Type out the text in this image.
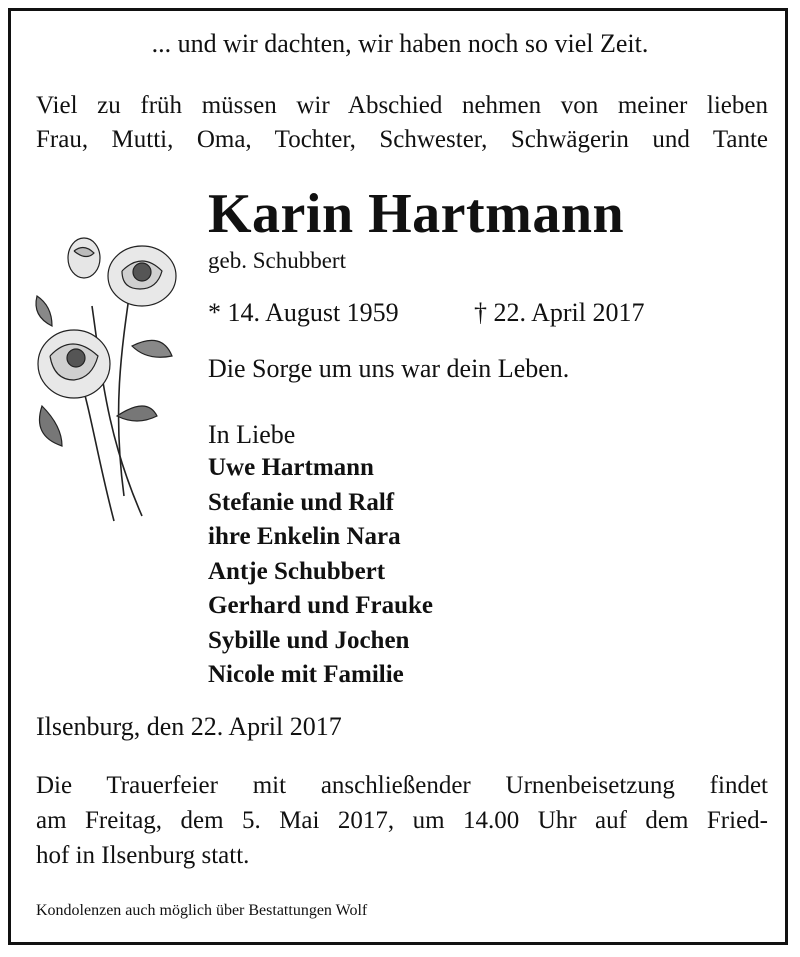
... und wir dachten, wir haben noch so viel Zeit.
Viel zu früh müssen wir Abschied nehmen von meiner lieben
Frau, Mutti, Oma, Tochter, Schwester, Schwägerin und Tante
Karin Hartmann
geb. Schubbert
* 14. August 1959	† 22. April 2017
Die Sorge um uns war dein Leben.
In Liebe
Uwe Hartmann
Stefanie und Ralf
ihre Enkelin Nara
Antje Schubbert
Gerhard und Frauke
Sybille und Jochen
Nicole mit Familie
Ilsenburg, den 22. April 2017
Die Trauerfeier mit anschließender Urnenbeisetzung findet
am Freitag, dem 5. Mai 2017, um 14.00 Uhr auf dem Fried-
hof in Ilsenburg statt.
Kondolenzen auch möglich über Bestattungen Wolf
